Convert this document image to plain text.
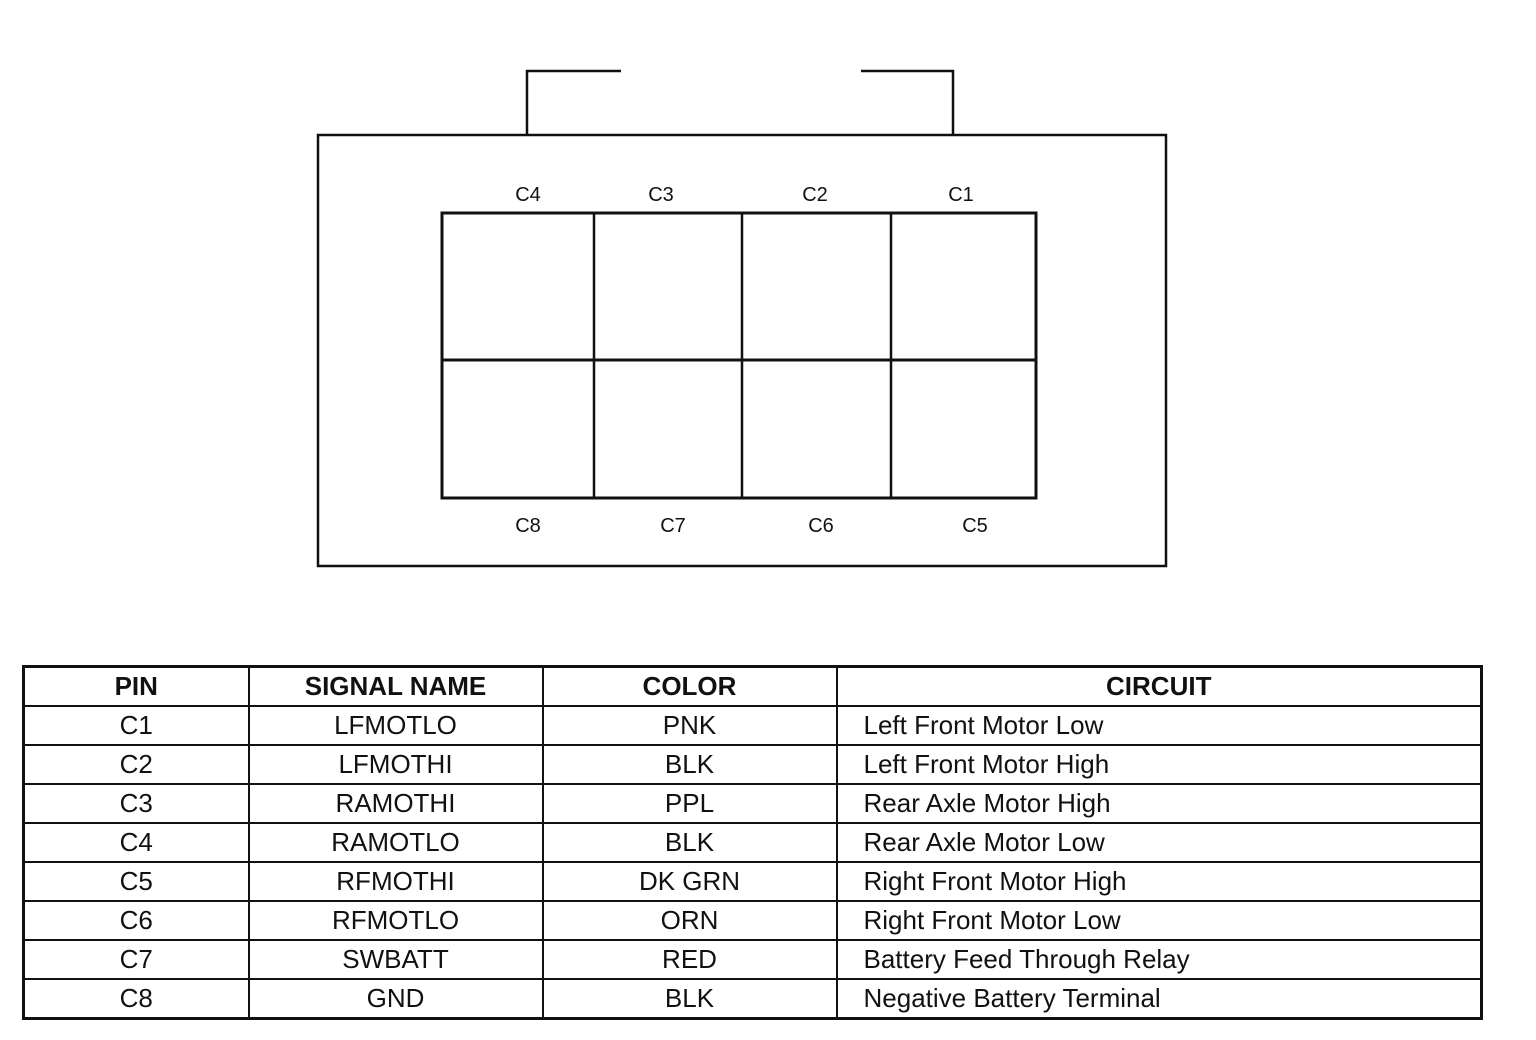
C4	C3	C2	C1
C8	C7	C6	C5
PIN	SIGNAL NAME	COLOR	CIRCUIT
C1	LFMOTLO	PNK	Left Front Motor Low
C2	LFMOTHI	BLK	Left Front Motor High
C3	RAMOTHI	PPL	Rear Axle Motor High
C4	RAMOTLO	BLK	Rear Axle Motor Low
C5	RFMOTHI	DK GRN	Right Front Motor High
C6	RFMOTLO	ORN	Right Front Motor Low
C7	SWBATT	RED	Battery Feed Through Relay
C8	GND	BLK	Negative Battery Terminal
